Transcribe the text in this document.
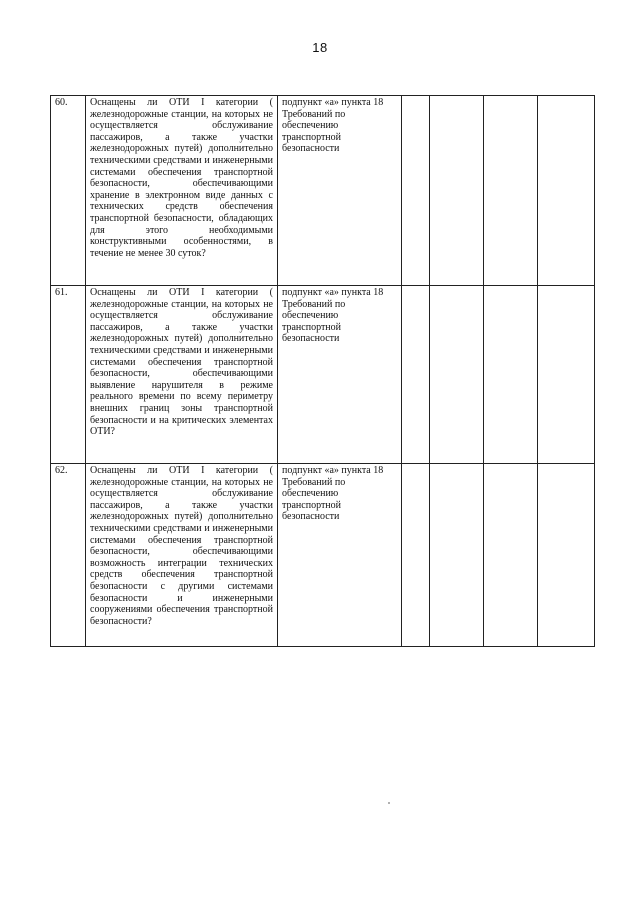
18
60.	Оснащены ли ОТИ I категории ( железнодорожные станции, на которых не осуществляется обслуживание пассажиров, а также участки железнодорожных путей) дополнительно техническими средствами и инженерными системами обеспечения транспортной безопасности, обеспечивающими хранение в электронном виде данных с технических средств обеспечения транспортной безопасности, обладающих для этого необходимыми конструктивными особенностями, в течение не менее 30 суток?	подпункт «а» пункта 18 Требований по обеспечению транспортной безопасности				
61.	Оснащены ли ОТИ I категории ( железнодорожные станции, на которых не осуществляется обслуживание пассажиров, а также участки железнодорожных путей) дополнительно техническими средствами и инженерными системами обеспечения транспортной безопасности, обеспечивающими выявление нарушителя в режиме реального времени по всему периметру внешних границ зоны транспортной безопасности и на критических элементах ОТИ?	подпункт «а» пункта 18 Требований по обеспечению транспортной безопасности				
62.	Оснащены ли ОТИ I категории ( железнодорожные станции, на которых не осуществляется обслуживание пассажиров, а также участки железнодорожных путей) дополнительно техническими средствами и инженерными системами обеспечения транспортной безопасности, обеспечивающими возможность интеграции технических средств обеспечения транспортной безопасности с другими системами безопасности и инженерными сооружениями обеспечения транспортной безопасности?	подпункт «а» пункта 18 Требований по обеспечению транспортной безопасности				
